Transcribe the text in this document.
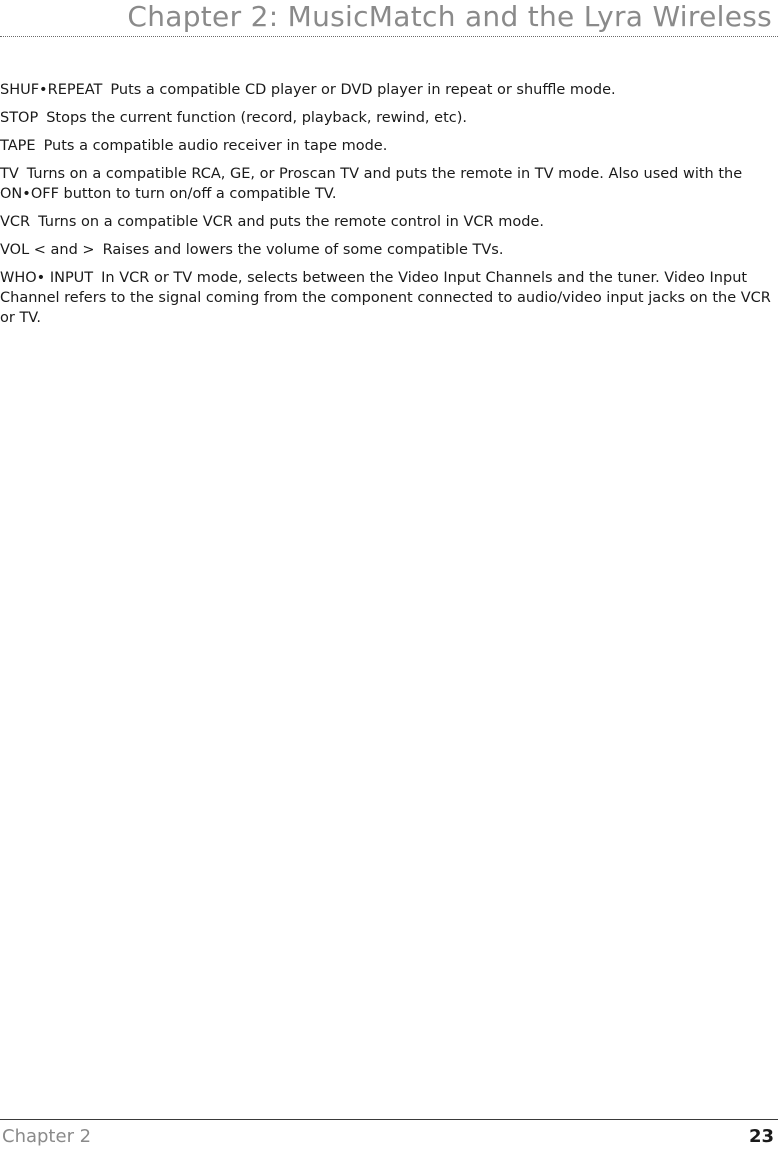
Chapter 2: MusicMatch and the Lyra Wireless

SHUF•REPEAT Puts a compatible CD player or DVD player in repeat or shuffle mode.

STOP Stops the current function (record, playback, rewind, etc).

TAPE Puts a compatible audio receiver in tape mode.

TV Turns on a compatible RCA, GE, or Proscan TV and puts the remote in TV mode. Also used with the ON•OFF button to turn on/off a compatible TV.

VCR Turns on a compatible VCR and puts the remote control in VCR mode.

VOL < and > Raises and lowers the volume of some compatible TVs.

WHO• INPUT In VCR or TV mode, selects between the Video Input Channels and the tuner. Video Input Channel refers to the signal coming from the component connected to audio/video input jacks on the VCR or TV.

Chapter 2	23
